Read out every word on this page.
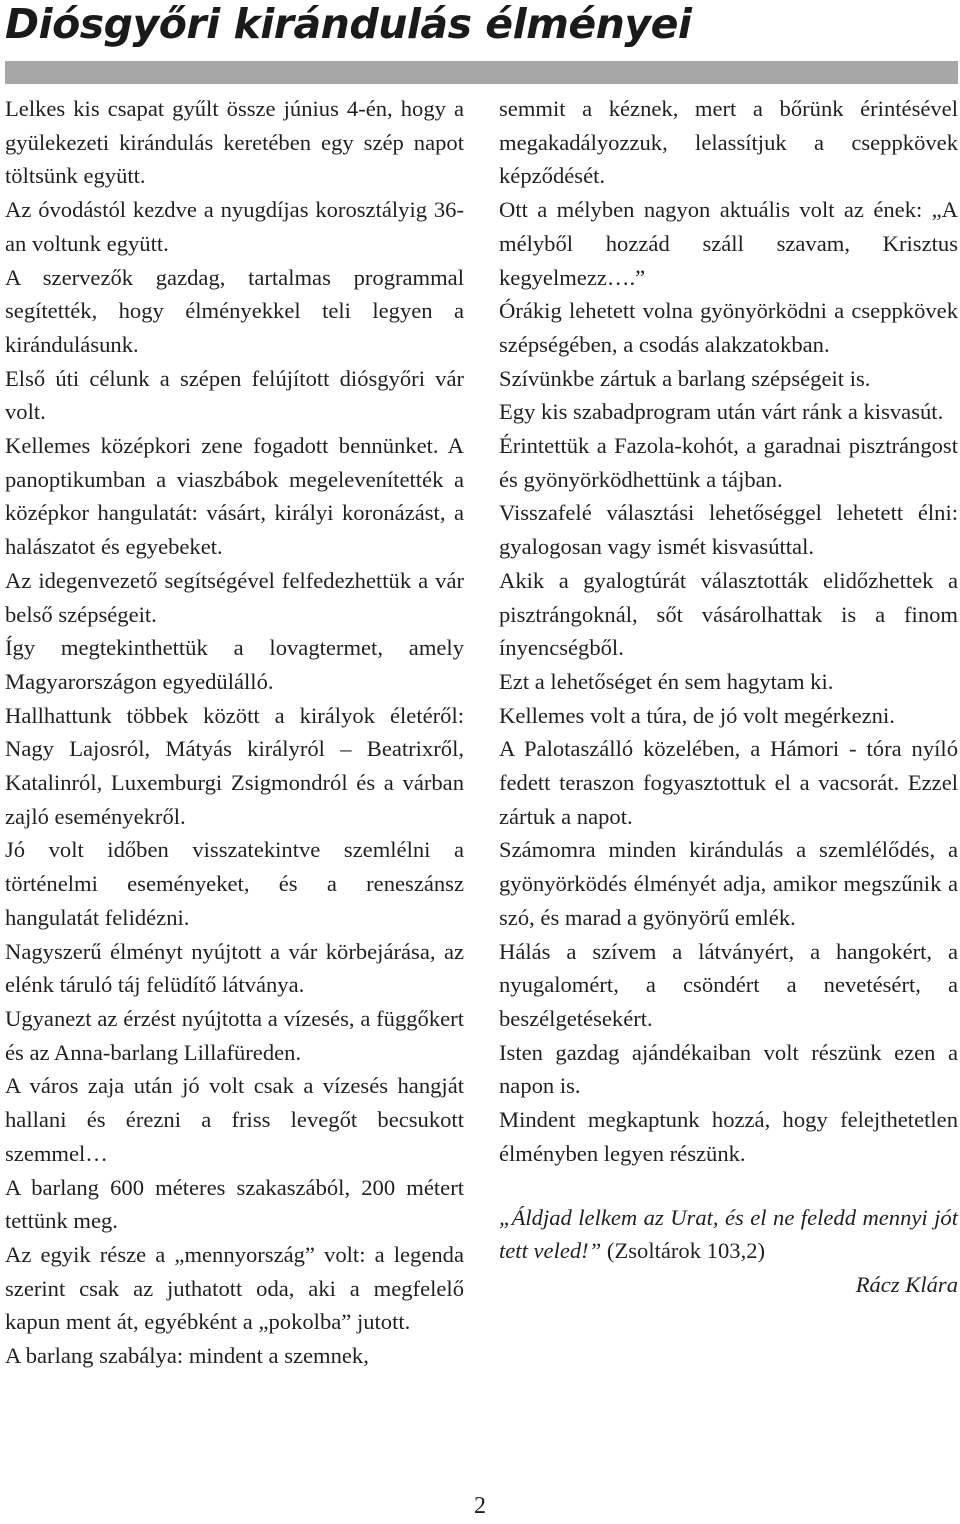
Diósgyőri kirándulás élményei

Lelkes kis csapat gyűlt össze június 4-én, hogy a gyülekezeti kirándulás keretében egy szép napot töltsünk együtt.

Az óvodástól kezdve a nyugdíjas korosztályig 36-an voltunk együtt.

A szervezők gazdag, tartalmas programmal segítették, hogy élményekkel teli legyen a kirándulásunk.

Első úti célunk a szépen felújított diósgyőri vár volt.

Kellemes középkori zene fogadott bennünket. A panoptikumban a viaszbábok megelevenítették a középkor hangulatát: vásárt, királyi koronázást, a halászatot és egyebeket.

Az idegenvezető segítségével felfedezhettük a vár belső szépségeit.

Így megtekinthettük a lovagtermet, amely Magyarországon egyedülálló.

Hallhattunk többek között a királyok életéről: Nagy Lajosról, Mátyás királyról – Beatrixről, Katalinról, Luxemburgi Zsigmondról és a várban zajló eseményekről.

Jó volt időben visszatekintve szemlélni a történelmi eseményeket, és a reneszánsz hangulatát felidézni.

Nagyszerű élményt nyújtott a vár körbejárása, az elénk táruló táj felüdítő látványa.

Ugyanezt az érzést nyújtotta a vízesés, a függőkert és az Anna-barlang Lillafüreden.

A város zaja után jó volt csak a vízesés hangját hallani és érezni a friss levegőt becsukott szemmel…

A barlang 600 méteres szakaszából, 200 métert tettünk meg.

Az egyik része a „mennyország” volt: a legenda szerint csak az juthatott oda, aki a megfelelő kapun ment át, egyébként a „pokolba” jutott.

A barlang szabálya: mindent a szemnek,

semmit a kéznek, mert a bőrünk érintésével megakadályozzuk, lelassítjuk a cseppkövek képződését.

Ott a mélyben nagyon aktuális volt az ének: „A mélyből hozzád száll szavam, Krisztus kegyelmezz….”

Órákig lehetett volna gyönyörködni a cseppkövek szépségében, a csodás alakzatokban.

Szívünkbe zártuk a barlang szépségeit is.

Egy kis szabadprogram után várt ránk a kisvasút.

Érintettük a Fazola-kohót, a garadnai pisztrángost és gyönyörködhettünk a tájban.

Visszafelé választási lehetőséggel lehetett élni: gyalogosan vagy ismét kisvasúttal.

Akik a gyalogtúrát választották elidőzhettek a pisztrángoknál, sőt vásárolhattak is a finom ínyencségből.

Ezt a lehetőséget én sem hagytam ki.

Kellemes volt a túra, de jó volt megérkezni.

A Palotaszálló közelében, a Hámori - tóra nyíló fedett teraszon fogyasztottuk el a vacsorát. Ezzel zártuk a napot.

Számomra minden kirándulás a szemlélődés, a gyönyörködés élményét adja, amikor megszűnik a szó, és marad a gyönyörű emlék.

Hálás a szívem a látványért, a hangokért, a nyugalomért, a csöndért a nevetésért, a beszélgetésekért.

Isten gazdag ajándékaiban volt részünk ezen a napon is.

Mindent megkaptunk hozzá, hogy felejthetetlen élményben legyen részünk.

„Áldjad lelkem az Urat, és el ne feledd mennyi jót tett veled!” (Zsoltárok 103,2)

Rácz Klára

2
